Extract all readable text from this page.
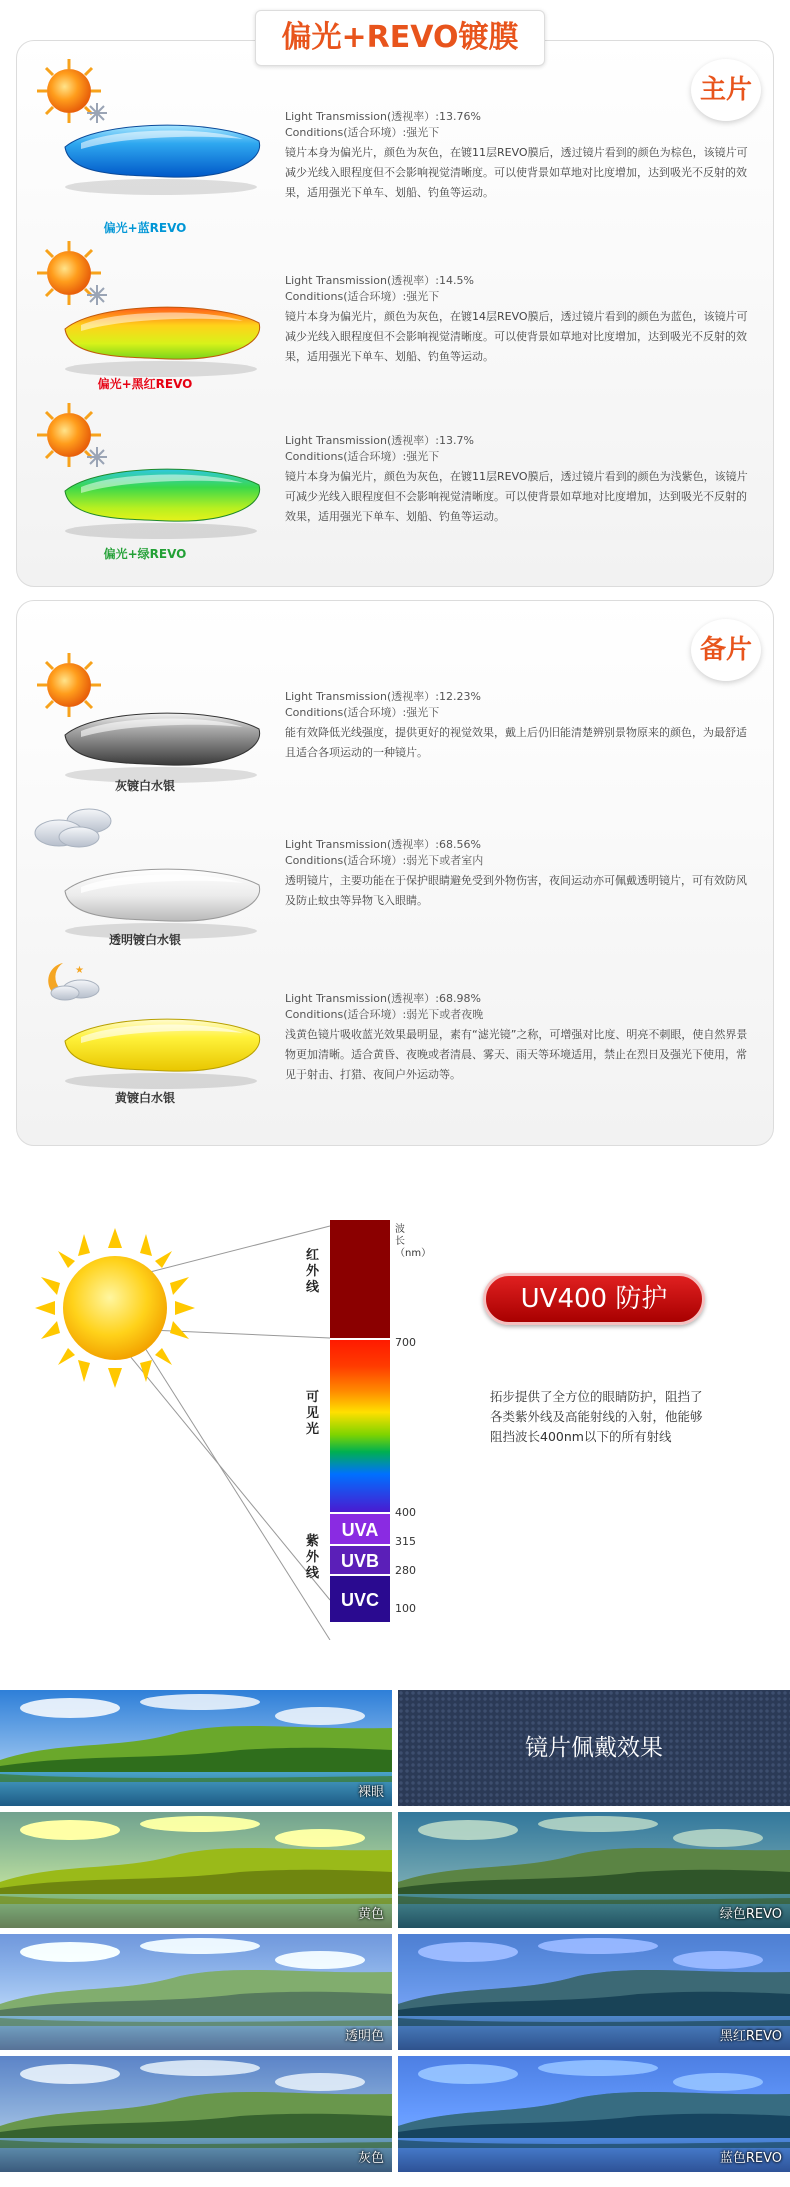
偏光+REVO镀膜
主片
偏光+蓝REVO
Light Transmission(透视率）:13.76%
Conditions(适合环境）:强光下
镜片本身为偏光片，颜色为灰色，在镀11层REVO膜后，透过镜片看到的颜色为棕色，该镜片可减少光线入眼程度但不会影响视觉清晰度。可以使背景如草地对比度增加，达到吸光不反射的效果，适用强光下单车、划船、钓鱼等运动。
偏光+黑红REVO
Light Transmission(透视率）:14.5%
Conditions(适合环境）:强光下
镜片本身为偏光片，颜色为灰色，在镀14层REVO膜后，透过镜片看到的颜色为蓝色，该镜片可减少光线入眼程度但不会影响视觉清晰度。可以使背景如草地对比度增加，达到吸光不反射的效果，适用强光下单车、划船、钓鱼等运动。
偏光+绿REVO
Light Transmission(透视率）:13.7%
Conditions(适合环境）:强光下
镜片本身为偏光片，颜色为灰色，在镀11层REVO膜后，透过镜片看到的颜色为浅紫色，该镜片可减少光线入眼程度但不会影响视觉清晰度。可以使背景如草地对比度增加，达到吸光不反射的效果，适用强光下单车、划船、钓鱼等运动。
备片
灰镀白水银
Light Transmission(透视率）:12.23%
Conditions(适合环境）:强光下
能有效降低光线强度，提供更好的视觉效果，戴上后仍旧能清楚辨别景物原来的颜色，为最舒适且适合各项运动的一种镜片。
透明镀白水银
Light Transmission(透视率）:68.56%
Conditions(适合环境）:弱光下或者室内
透明镜片，主要功能在于保护眼睛避免受到外物伤害，夜间运动亦可佩戴透明镜片，可有效防风及防止蚊虫等异物飞入眼睛。
★
黄镀白水银
Light Transmission(透视率）:68.98%
Conditions(适合环境）:弱光下或者夜晚
浅黄色镜片吸收蓝光效果最明显，素有“滤光镜”之称，可增强对比度、明亮不刺眼，使自然界景物更加清晰。适合黄昏、夜晚或者清晨、雾天、雨天等环境适用，禁止在烈日及强光下使用，常见于射击、打猎、夜间户外运动等。
UVA
UVB
UVC
700
400
315
280
100
红外线
可见光
紫外线
波长（nm）
UV400 防护
拓步提供了全方位的眼睛防护，阻挡了各类紫外线及高能射线的入射，他能够阻挡波长400nm以下的所有射线
裸眼
黄色
透明色
灰色
镜片佩戴效果
绿色REVO
黑红REVO
蓝色REVO
